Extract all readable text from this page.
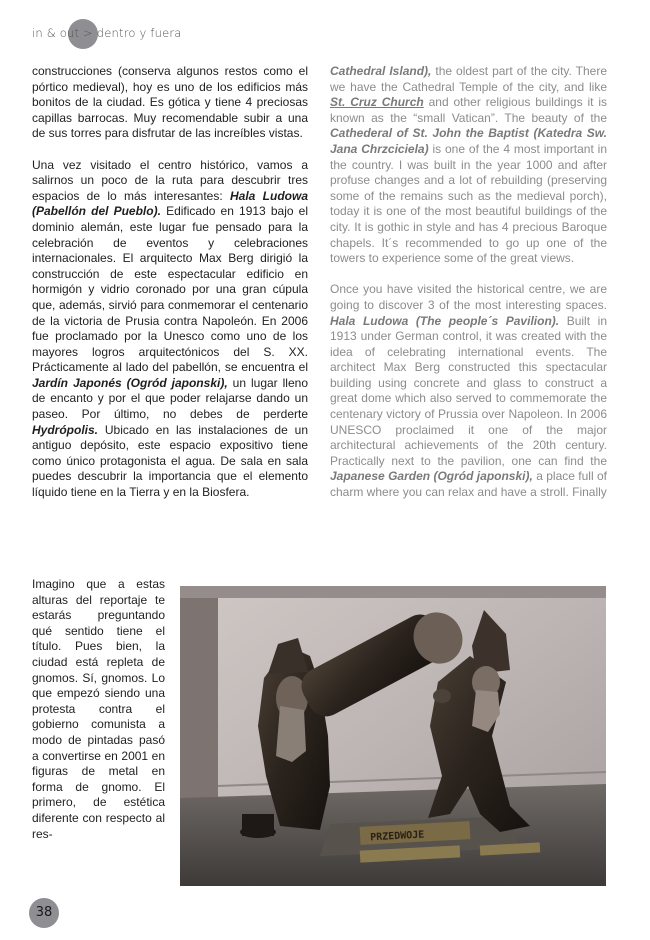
in & out > dentro y fuera

construcciones (conserva algunos restos como el pórtico medieval), hoy es uno de los edificios más bonitos de la ciudad. Es gótica y tiene 4 preciosas capillas barrocas. Muy recomendable subir a una de sus torres para disfrutar de las increíbles vistas.

Una vez visitado el centro histórico, vamos a salirnos un poco de la ruta para descubrir tres espacios de lo más interesantes: Hala Ludowa (Pabellón del Pueblo). Edificado en 1913 bajo el dominio alemán, este lugar fue pensado para la celebración de eventos y celebraciones internacionales. El arquitecto Max Berg dirigió la construcción de este espectacular edificio en hormigón y vidrio coronado por una gran cúpula que, además, sirvió para conmemorar el centenario de la victoria de Prusia contra Napoleón. En 2006 fue proclamado por la Unesco como uno de los mayores logros arquitectónicos del S. XX. Prácticamente al lado del pabellón, se encuentra el Jardín Japonés (Ogród japonski), un lugar lleno de encanto y por el que poder relajarse dando un paseo. Por último, no debes de perderte Hydrópolis. Ubicado en las instalaciones de un antiguo depósito, este espacio expositivo tiene como único protagonista el agua. De sala en sala puedes descubrir la importancia que el elemento líquido tiene en la Tierra y en la Biosfera.

Cathedral Island), the oldest part of the city. There we have the Cathedral Temple of the city, and like St. Cruz Church and other religious buildings it is known as the “small Vatican”. The beauty of the Cathederal of St. John the Baptist (Katedra Sw. Jana Chrzciciela) is one of the 4 most important in the country. I was built in the year 1000 and after profuse changes and a lot of rebuilding (preserving some of the remains such as the medieval porch), today it is one of the most beautiful buildings of the city. It is gothic in style and has 4 precious Baroque chapels. It´s recommended to go up one of the towers to experience some of the great views.

Once you have visited the historical centre, we are going to discover 3 of the most interesting spaces. Hala Ludowa (The people´s Pavilion). Built in 1913 under German control, it was created with the idea of celebrating international events. The architect Max Berg constructed this spectacular building using concrete and glass to construct a great dome which also served to commemorate the centenary victory of Prussia over Napoleon. In 2006 UNESCO proclaimed it one of the major architectural achievements of the 20th century. Practically next to the pavilion, one can find the Japanese Garden (Ogród japonski), a place full of charm where you can relax and have a stroll. Finally

Imagino que a estas alturas del reportaje te estarás preguntando qué sentido tiene el título. Pues bien, la ciudad está repleta de gnomos. Sí, gnomos. Lo que empezó siendo una protesta contra el gobierno comunista a modo de pintadas pasó a convertirse en 2001 en figuras de metal en forma de gnomo. El primero, de estética diferente con respecto al res-	PRZEDWOJE
38
